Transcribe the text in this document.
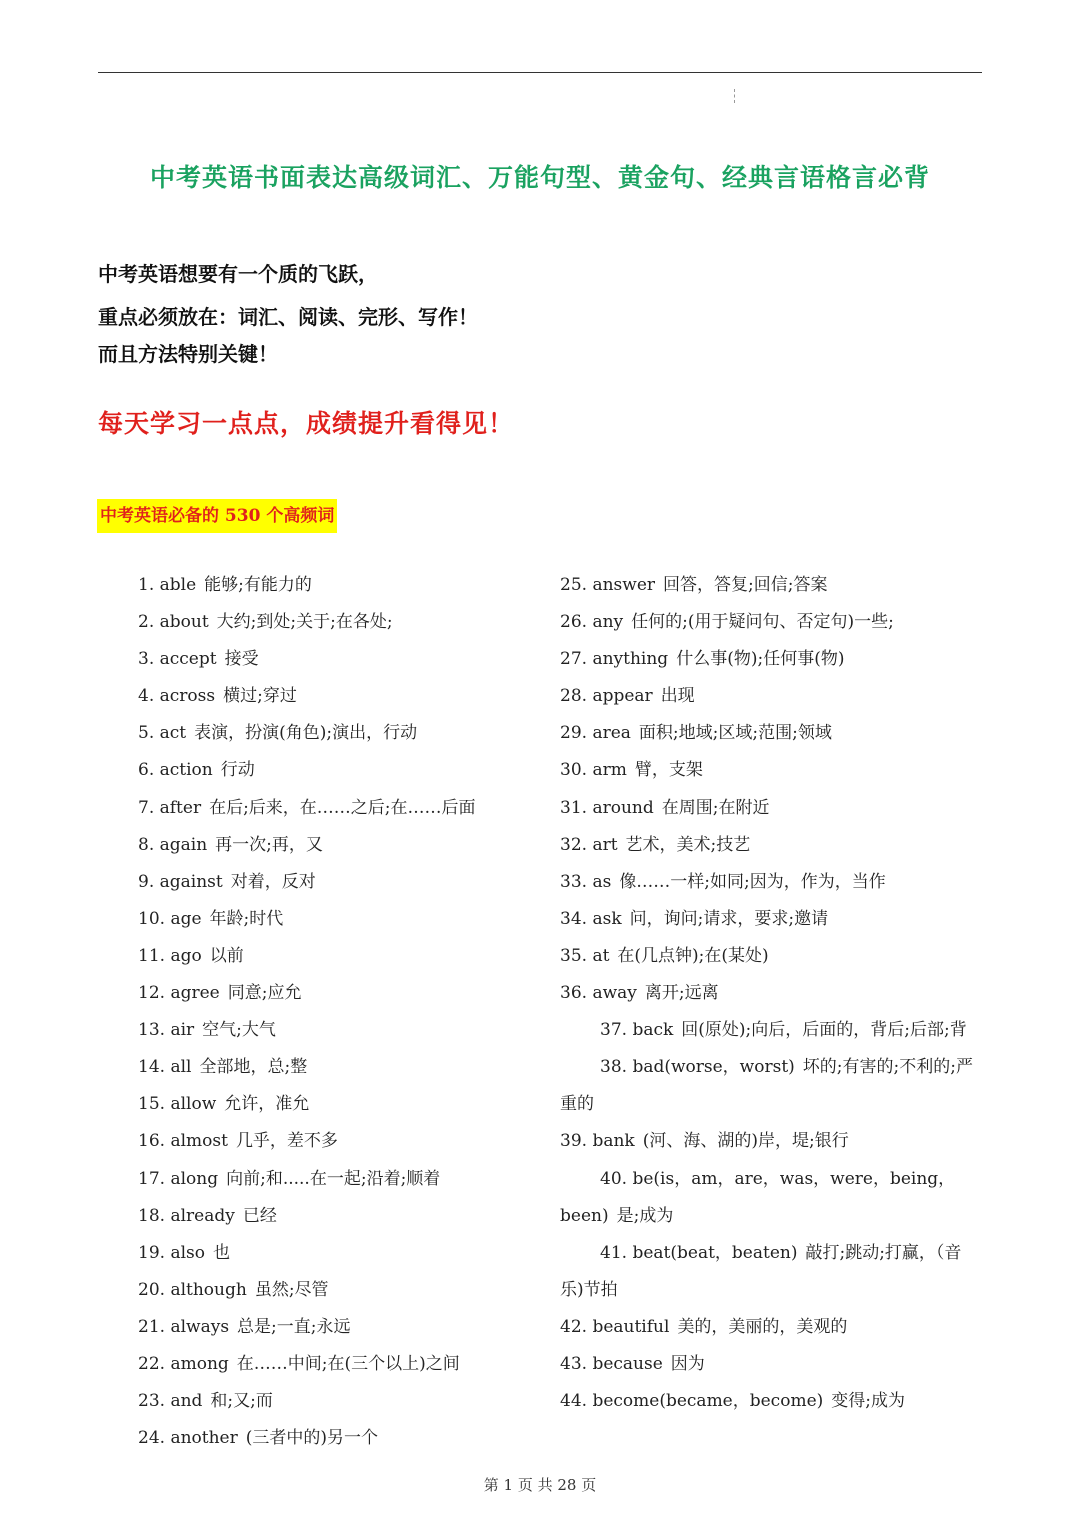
中考英语书面表达高级词汇、万能句型、黄金句、经典言语格言必背
中考英语想要有一个质的飞跃，
重点必须放在：词汇、阅读、完形、写作！
而且方法特别关键！
每天学习一点点，成绩提升看得见！
中考英语必备的 530 个高频词
1. able 能够;有能力的
2. about 大约;到处;关于;在各处;
3. accept 接受
4. across 横过;穿过
5. act 表演，扮演(角色);演出，行动
6. action 行动
7. after 在后;后来，在……之后;在……后面
8. again 再一次;再，又
9. against 对着，反对
10. age 年龄;时代
11. ago 以前
12. agree 同意;应允
13. air 空气;大气
14. all 全部地，总;整
15. allow 允许，准允
16. almost 几乎，差不多
17. along 向前;和.....在一起;沿着;顺着
18. already 已经
19. also 也
20. although 虽然;尽管
21. always 总是;一直;永远
22. among 在……中间;在(三个以上)之间
23. and 和;又;而
24. another (三者中的)另一个
25. answer 回答，答复;回信;答案
26. any 任何的;(用于疑问句、否定句)一些;
27. anything 什么事(物);任何事(物)
28. appear 出现
29. area 面积;地域;区域;范围;领域
30. arm 臂，支架
31. around 在周围;在附近
32. art 艺术，美术;技艺
33. as 像……一样;如同;因为，作为，当作
34. ask 问，询问;请求，要求;邀请
35. at 在(几点钟);在(某处)
36. away 离开;远离
37. back 回(原处);向后，后面的，背后;后部;背
38. bad(worse，worst) 坏的;有害的;不利的;严重的
39. bank (河、海、湖的)岸，堤;银行
40. be(is，am，are，was，were，being，been) 是;成为
41. beat(beat，beaten) 敲打;跳动;打赢，（音乐)节拍
42. beautiful 美的，美丽的，美观的
43. because 因为
44. become(became，become) 变得;成为
第 1 页 共 28 页
